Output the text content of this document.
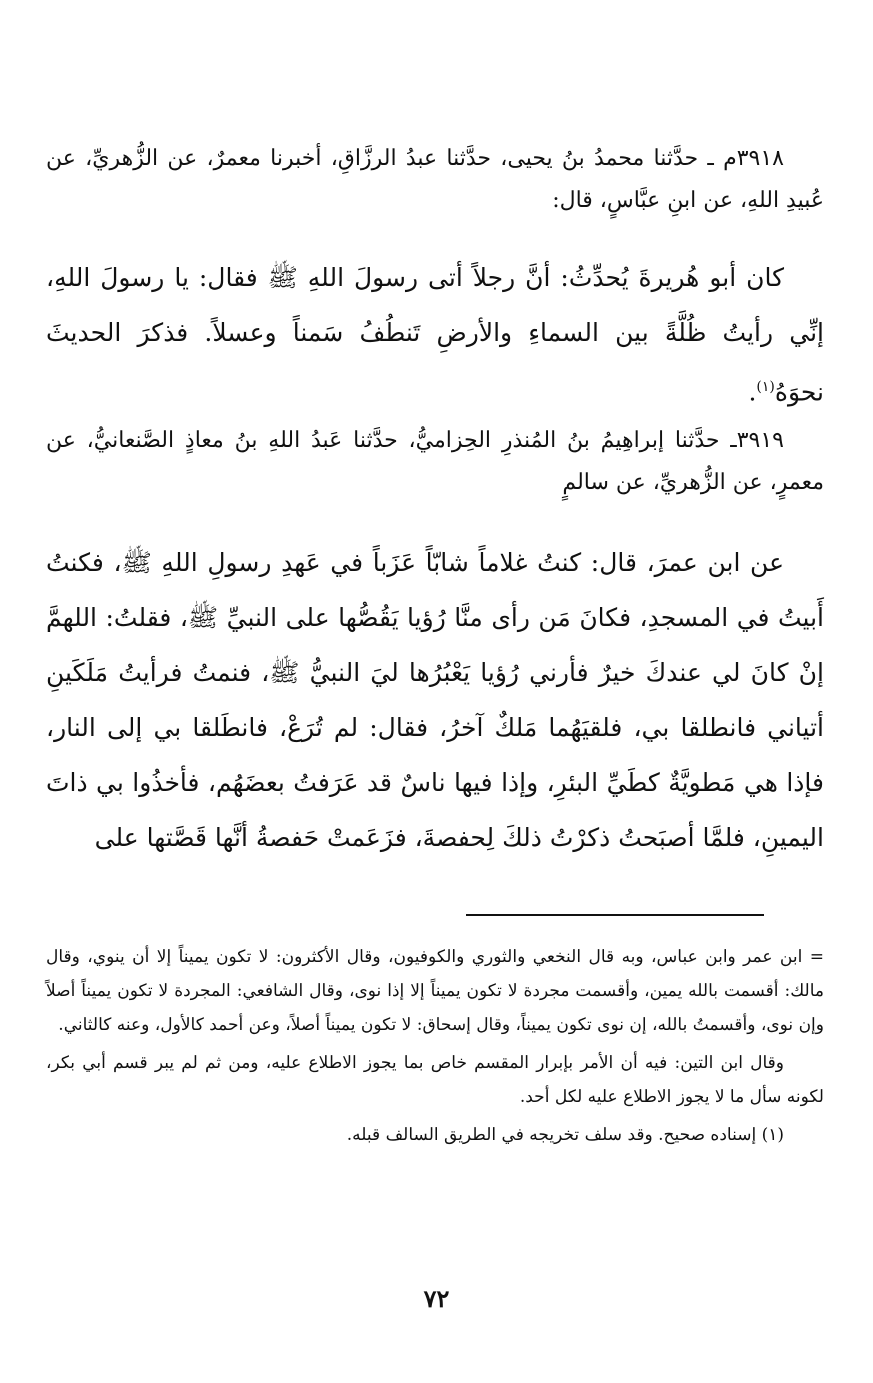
٣٩١٨م ـ حدَّثنا محمدُ بنُ يحيى، حدَّثنا عبدُ الرزَّاقِ، أخبرنا معمرٌ، عن الزُّهريِّ، عن عُبيدِ اللهِ، عن ابنِ عبَّاسٍ، قال:

كان أبو هُريرةَ يُحدِّثُ: أنَّ رجلاً أتى رسولَ اللهِ ﷺ فقال: يا رسولَ اللهِ، إنِّي رأيتُ ظُلَّةً بين السماءِ والأرضِ تَنطُفُ سَمناً وعسلاً. فذكرَ الحديثَ نحوَهُ$^{(١)}$.

٣٩١٩ـ حدَّثنا إبراهِيمُ بنُ المُنذرِ الحِزاميُّ، حدَّثنا عَبدُ اللهِ بنُ معاذٍ الصَّنعانيُّ، عن معمرٍ، عن الزُّهريِّ، عن سالمٍ

عن ابن عمرَ، قال: كنتُ غلاماً شابّاً عَزَباً في عَهدِ رسولِ اللهِ ﷺ، فكنتُ أَبيتُ في المسجدِ، فكانَ مَن رأى منَّا رُؤيا يَقُصُّها على النبيِّ ﷺ، فقلتُ: اللهمَّ إنْ كانَ لي عندكَ خيرٌ فأرني رُؤيا يَعْبُرُها ليَ النبيُّ ﷺ، فنمتُ فرأيتُ مَلَكَينِ أتياني فانطلقا بي، فلقيَهُما مَلكٌ آخرُ، فقال: لم تُرَعْ، فانطَلقا بي إلى النار، فإذا هي مَطويَّةٌ كطَيِّ البئرِ، وإذا فيها ناسٌ قد عَرَفتُ بعضَهُم، فأخذُوا بي ذاتَ اليمينِ، فلمَّا أصبَحتُ ذكرْتُ ذلكَ لِحفصةَ، فزَعَمتْ حَفصةُ أنَّها قَصَّتها على

= ابن عمر وابن عباس، وبه قال النخعي والثوري والكوفيون، وقال الأكثرون: لا تكون يميناً إلا أن ينوي، وقال مالك: أقسمت بالله يمين، وأقسمت مجردة لا تكون يميناً إلا إذا نوى، وقال الشافعي: المجردة لا تكون يميناً أصلاً وإن نوى، وأقسمتُ بالله، إن نوى تكون يميناً، وقال إسحاق: لا تكون يميناً أصلاً، وعن أحمد كالأول، وعنه كالثاني.

وقال ابن التين: فيه أن الأمر بإبرار المقسم خاص بما يجوز الاطلاع عليه، ومن ثم لم يبر قسم أبي بكر، لكونه سأل ما لا يجوز الاطلاع عليه لكل أحد.

(١) إسناده صحيح. وقد سلف تخريجه في الطريق السالف قبله.

٧٢
